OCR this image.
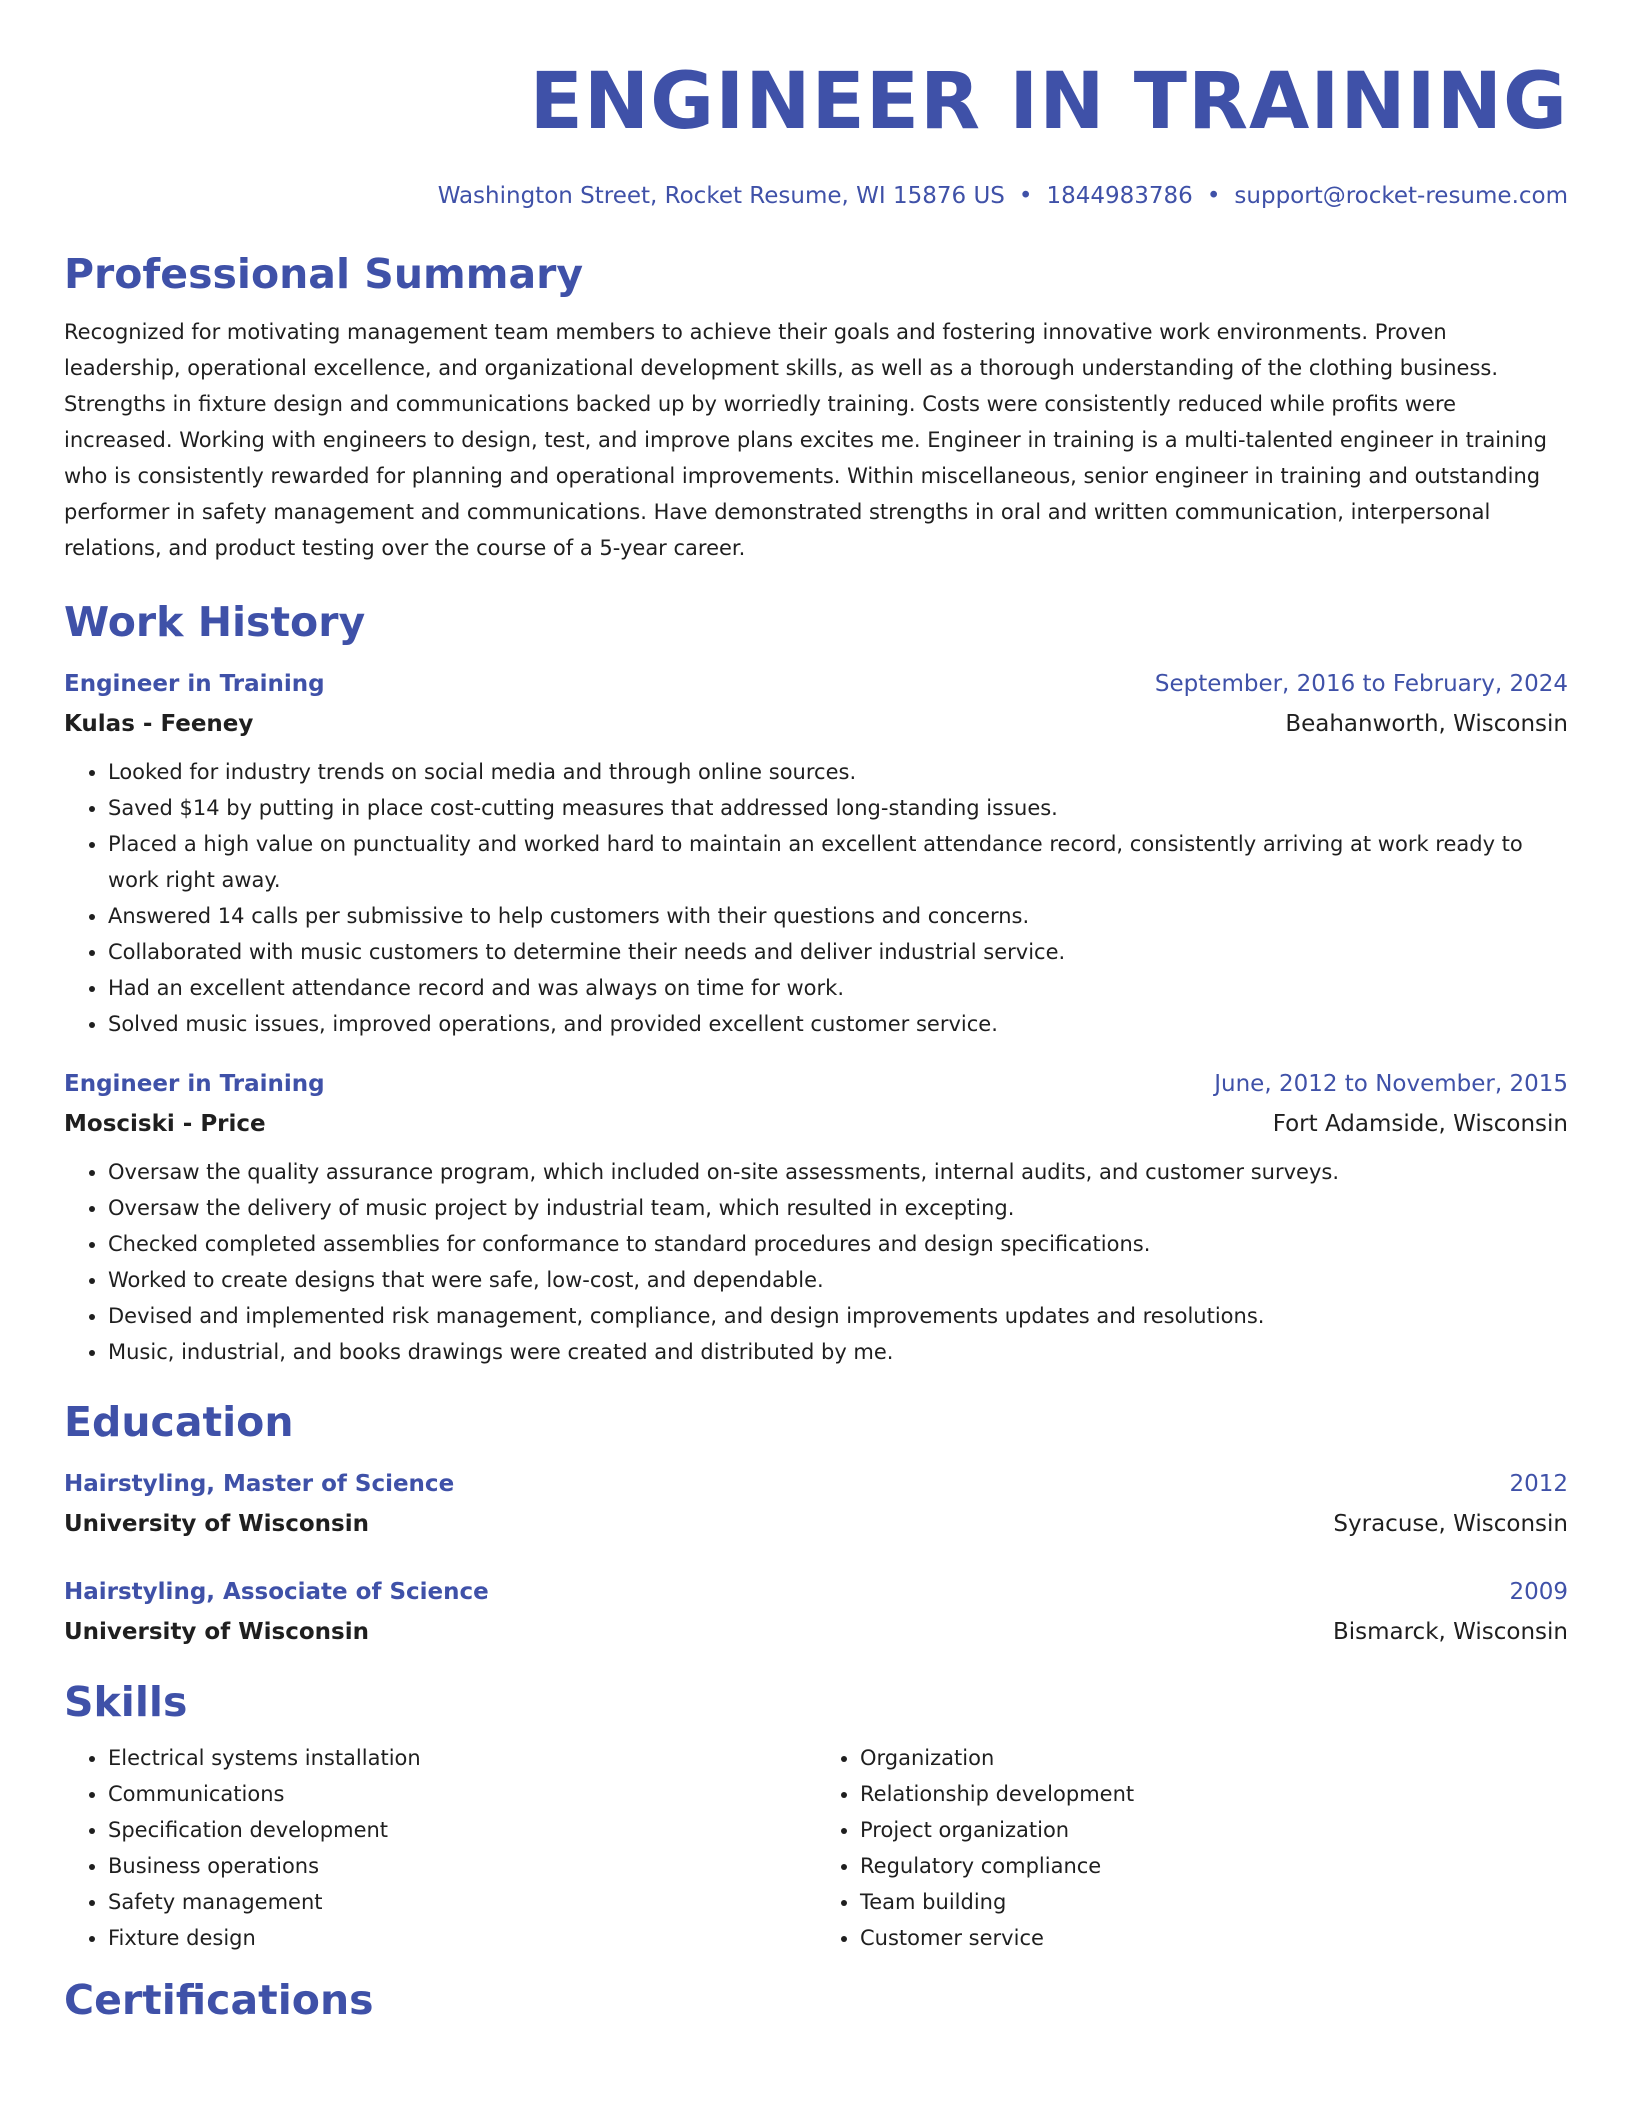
ENGINEER IN TRAINING
Washington Street, Rocket Resume, WI 15876 US • 1844983786 • support@rocket-resume.com
Professional Summary
Recognized for motivating management team members to achieve their goals and fostering innovative work environments. Proven leadership, operational excellence, and organizational development skills, as well as a thorough understanding of the clothing business. Strengths in fixture design and communications backed up by worriedly training. Costs were consistently reduced while profits were increased. Working with engineers to design, test, and improve plans excites me. Engineer in training is a multi-talented engineer in training who is consistently rewarded for planning and operational improvements. Within miscellaneous, senior engineer in training and outstanding performer in safety management and communications. Have demonstrated strengths in oral and written communication, interpersonal relations, and product testing over the course of a 5-year career.
Work History
Engineer in Training	September, 2016 to February, 2024
Kulas - Feeney	Beahanworth, Wisconsin
• Looked for industry trends on social media and through online sources.
• Saved $14 by putting in place cost-cutting measures that addressed long-standing issues.
• Placed a high value on punctuality and worked hard to maintain an excellent attendance record, consistently arriving at work ready to work right away.
• Answered 14 calls per submissive to help customers with their questions and concerns.
• Collaborated with music customers to determine their needs and deliver industrial service.
• Had an excellent attendance record and was always on time for work.
• Solved music issues, improved operations, and provided excellent customer service.
Engineer in Training	June, 2012 to November, 2015
Mosciski - Price	Fort Adamside, Wisconsin
• Oversaw the quality assurance program, which included on-site assessments, internal audits, and customer surveys.
• Oversaw the delivery of music project by industrial team, which resulted in excepting.
• Checked completed assemblies for conformance to standard procedures and design specifications.
• Worked to create designs that were safe, low-cost, and dependable.
• Devised and implemented risk management, compliance, and design improvements updates and resolutions.
• Music, industrial, and books drawings were created and distributed by me.
Education
Hairstyling, Master of Science	2012
University of Wisconsin	Syracuse, Wisconsin
Hairstyling, Associate of Science	2009
University of Wisconsin	Bismarck, Wisconsin
Skills
• Electrical systems installation
• Communications
• Specification development
• Business operations
• Safety management
• Fixture design
• Organization
• Relationship development
• Project organization
• Regulatory compliance
• Team building
• Customer service
Certifications
